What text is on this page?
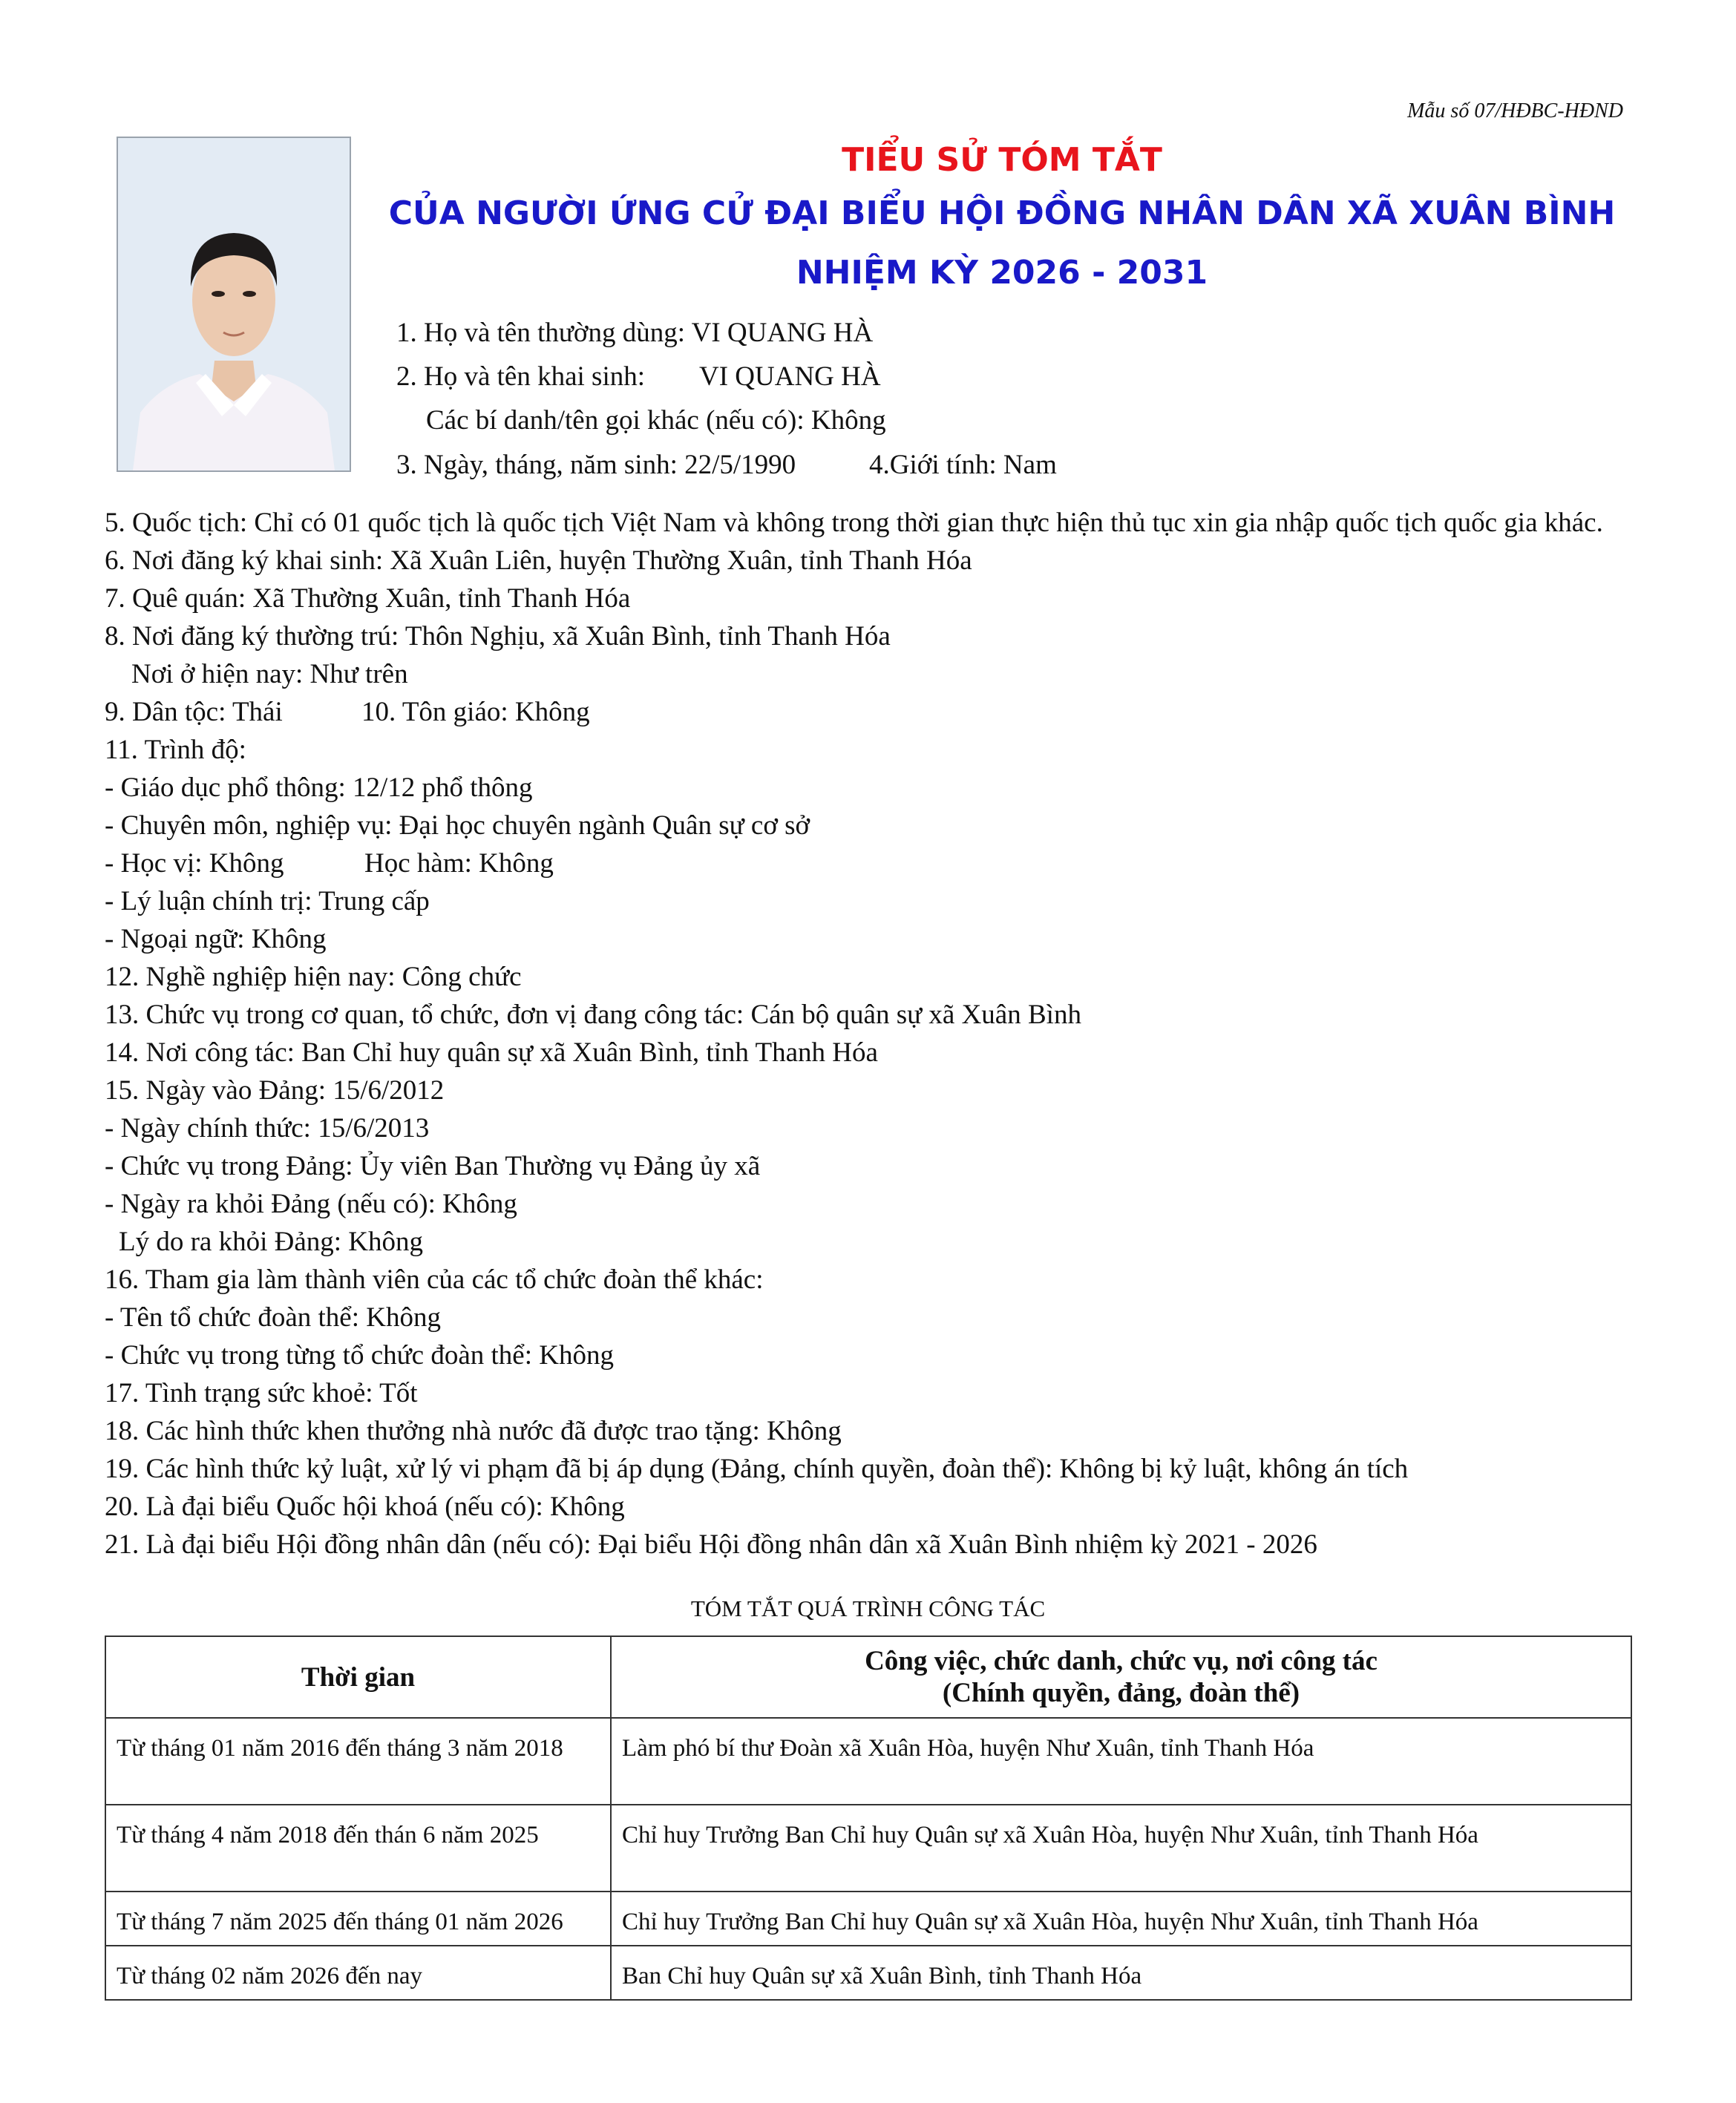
Mẫu số 07/HĐBC-HĐND
TIỂU SỬ TÓM TẮT
CỦA NGƯỜI ỨNG CỬ ĐẠI BIỂU HỘI ĐỒNG NHÂN DÂN XÃ XUÂN BÌNH
NHIỆM KỲ 2026 - 2031
1. Họ và tên thường dùng: VI QUANG HÀ
2. Họ và tên khai sinh: VI QUANG HÀ
Các bí danh/tên gọi khác (nếu có): Không
3. Ngày, tháng, năm sinh: 22/5/1990	4.Giới tính: Nam
5. Quốc tịch: Chỉ có 01 quốc tịch là quốc tịch Việt Nam và không trong thời gian thực hiện thủ tục xin gia nhập quốc tịch quốc gia khác.
6. Nơi đăng ký khai sinh: Xã Xuân Liên, huyện Thường Xuân, tỉnh Thanh Hóa
7. Quê quán: Xã Thường Xuân, tỉnh Thanh Hóa
8. Nơi đăng ký thường trú: Thôn Nghịu, xã Xuân Bình, tỉnh Thanh Hóa
Nơi ở hiện nay: Như trên
9. Dân tộc: Thái	10. Tôn giáo: Không
11. Trình độ:
- Giáo dục phổ thông: 12/12 phổ thông
- Chuyên môn, nghiệp vụ: Đại học chuyên ngành Quân sự cơ sở
- Học vị: Không	Học hàm: Không
- Lý luận chính trị: Trung cấp
- Ngoại ngữ: Không
12. Nghề nghiệp hiện nay: Công chức
13. Chức vụ trong cơ quan, tổ chức, đơn vị đang công tác: Cán bộ quân sự xã Xuân Bình
14. Nơi công tác: Ban Chỉ huy quân sự xã Xuân Bình, tỉnh Thanh Hóa
15. Ngày vào Đảng: 15/6/2012
- Ngày chính thức: 15/6/2013
- Chức vụ trong Đảng: Ủy viên Ban Thường vụ Đảng ủy xã
- Ngày ra khỏi Đảng (nếu có): Không
Lý do ra khỏi Đảng: Không
16. Tham gia làm thành viên của các tổ chức đoàn thể khác:
- Tên tổ chức đoàn thể: Không
- Chức vụ trong từng tổ chức đoàn thể: Không
17. Tình trạng sức khoẻ: Tốt
18. Các hình thức khen thưởng nhà nước đã được trao tặng: Không
19. Các hình thức kỷ luật, xử lý vi phạm đã bị áp dụng (Đảng, chính quyền, đoàn thể): Không bị kỷ luật, không án tích
20. Là đại biểu Quốc hội khoá (nếu có): Không
21. Là đại biểu Hội đồng nhân dân (nếu có): Đại biểu Hội đồng nhân dân xã Xuân Bình nhiệm kỳ 2021 - 2026
TÓM TẮT QUÁ TRÌNH CÔNG TÁC
Thời gian	Công việc, chức danh, chức vụ, nơi công tác
(Chính quyền, đảng, đoàn thể)

Từ tháng 01 năm 2016 đến tháng 3 năm 2018	Làm phó bí thư Đoàn xã Xuân Hòa, huyện Như Xuân, tỉnh Thanh Hóa
Từ tháng 4 năm 2018 đến thán 6 năm 2025	Chỉ huy Trưởng Ban Chỉ huy Quân sự xã Xuân Hòa, huyện Như Xuân, tỉnh Thanh Hóa
Từ tháng 7 năm 2025 đến tháng 01 năm 2026	Chỉ huy Trưởng Ban Chỉ huy Quân sự xã Xuân Hòa, huyện Như Xuân, tỉnh Thanh Hóa
Từ tháng 02 năm 2026 đến nay	Ban Chỉ huy Quân sự xã Xuân Bình, tỉnh Thanh Hóa
